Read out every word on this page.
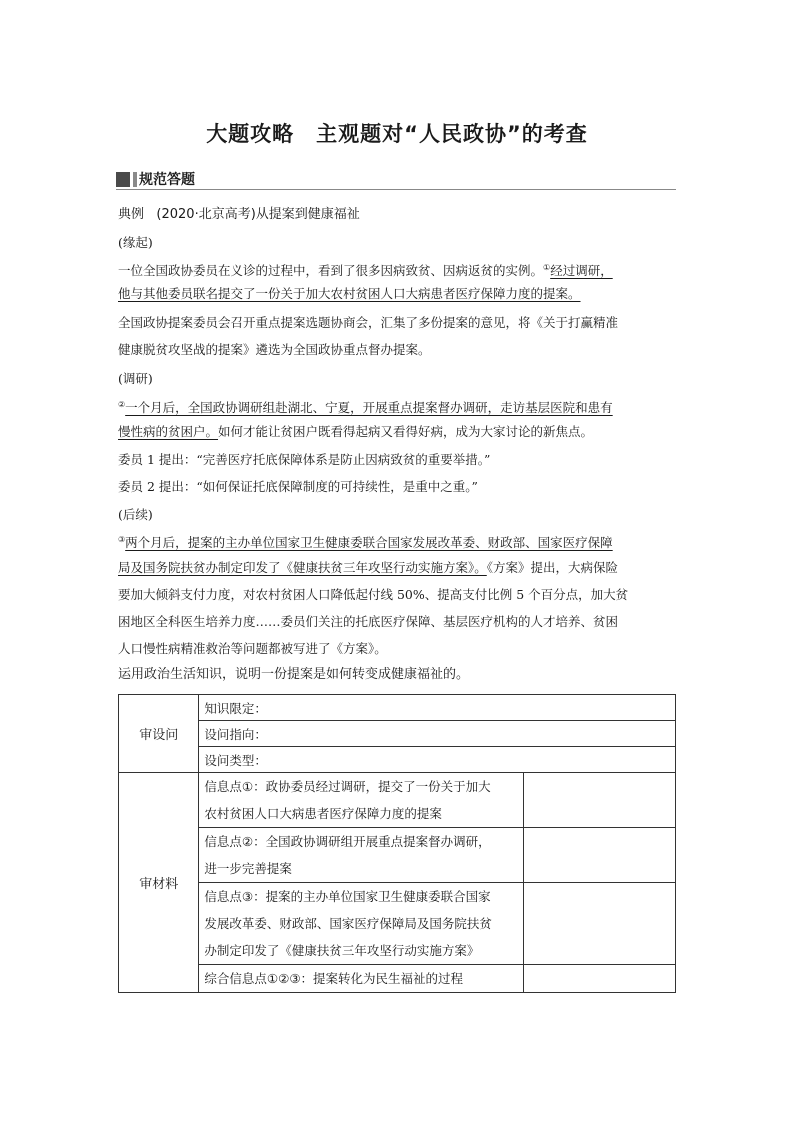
大题攻略　主观题对“人民政协”的考查
规范答题
典例 (2020·北京高考)从提案到健康福祉
(缘起)
一位全国政协委员在义诊的过程中，看到了很多因病致贫、因病返贫的实例。①经过调研，
他与其他委员联名提交了一份关于加大农村贫困人口大病患者医疗保障力度的提案。
全国政协提案委员会召开重点提案选题协商会，汇集了多份提案的意见，将《关于打赢精准
健康脱贫攻坚战的提案》遴选为全国政协重点督办提案。
(调研)
②一个月后，全国政协调研组赴湖北、宁夏，开展重点提案督办调研，走访基层医院和患有
慢性病的贫困户。如何才能让贫困户既看得起病又看得好病，成为大家讨论的新焦点。
委员 1 提出：“完善医疗托底保障体系是防止因病致贫的重要举措。”
委员 2 提出：“如何保证托底保障制度的可持续性，是重中之重。”
(后续)
③两个月后，提案的主办单位国家卫生健康委联合国家发展改革委、财政部、国家医疗保障
局及国务院扶贫办制定印发了《健康扶贫三年攻坚行动实施方案》。《方案》提出，大病保险
要加大倾斜支付力度，对农村贫困人口降低起付线 50%、提高支付比例 5 个百分点，加大贫
困地区全科医生培养力度……委员们关注的托底医疗保障、基层医疗机构的人才培养、贫困
人口慢性病精准救治等问题都被写进了《方案》。
运用政治生活知识，说明一份提案是如何转变成健康福祉的。
审设问	知识限定：	
	设问指向：	
	设问类型：	
审材料	信息点①：政协委员经过调研，提交了一份关于加大
农村贫困人口大病患者医疗保障力度的提案	
	信息点②：全国政协调研组开展重点提案督办调研，
进一步完善提案	
	信息点③：提案的主办单位国家卫生健康委联合国家
发展改革委、财政部、国家医疗保障局及国务院扶贫
办制定印发了《健康扶贫三年攻坚行动实施方案》	
	综合信息点①②③：提案转化为民生福祉的过程	
